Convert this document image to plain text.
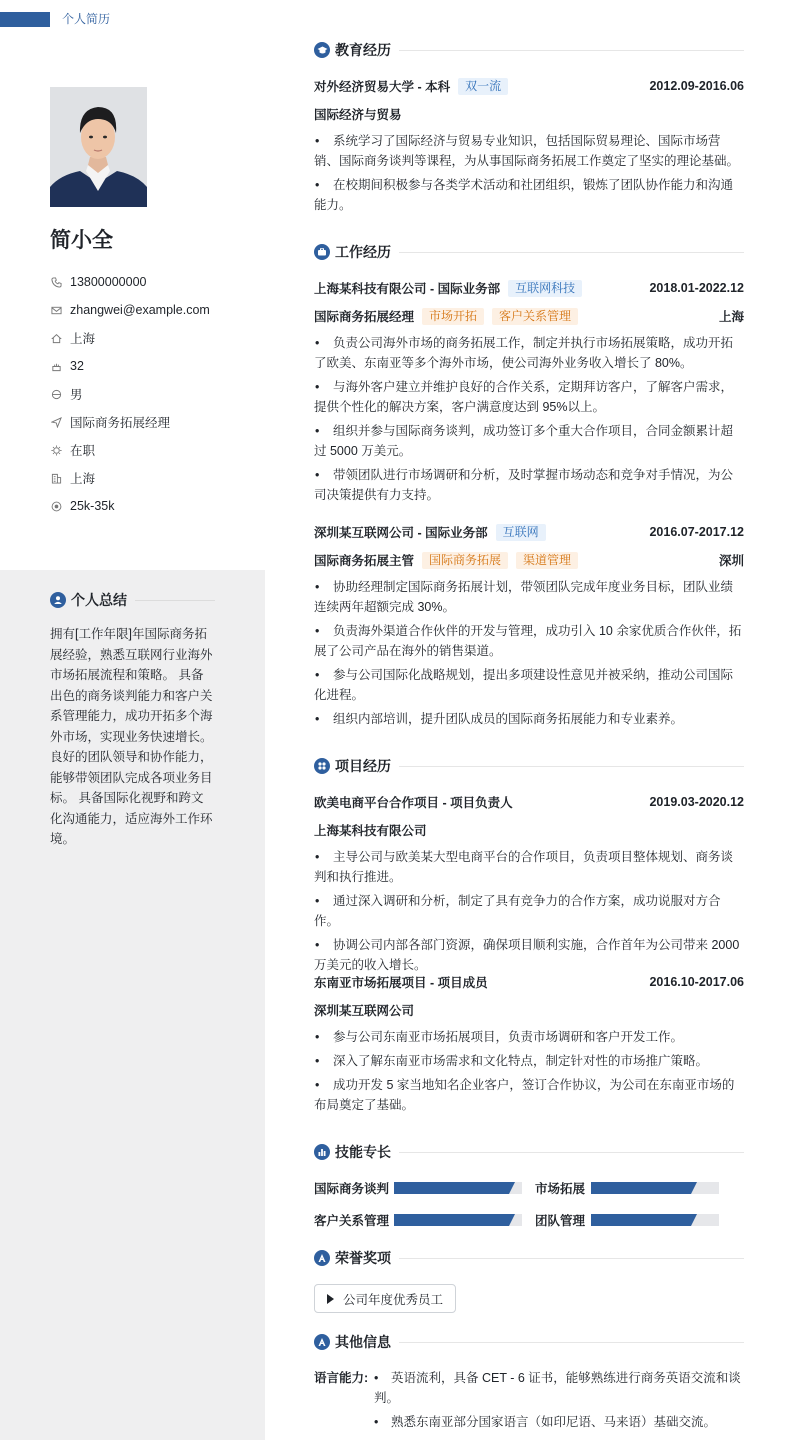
个人简历
简小全
13800000000
zhangwei@example.com
上海
32
男
国际商务拓展经理
在职
上海
25k-35k
个人总结
拥有[工作年限]年国际商务拓展经验，熟悉互联网行业海外市场拓展流程和策略。 具备出色的商务谈判能力和客户关系管理能力，成功开拓多个海外市场，实现业务快速增长。 良好的团队领导和协作能力，能够带领团队完成各项业务目标。 具备国际化视野和跨文化沟通能力，适应海外工作环境。
教育经历
对外经济贸易大学 - 本科	双一流	2012.09-2016.06
国际经济与贸易
• 系统学习了国际经济与贸易专业知识，包括国际贸易理论、国际市场营销、国际商务谈判等课程，为从事国际商务拓展工作奠定了坚实的理论基础。
• 在校期间积极参与各类学术活动和社团组织，锻炼了团队协作能力和沟通能力。
工作经历
上海某科技有限公司 - 国际业务部	互联网科技	2018.01-2022.12
国际商务拓展经理	市场开拓	客户关系管理	上海
• 负责公司海外市场的商务拓展工作，制定并执行市场拓展策略，成功开拓了欧美、东南亚等多个海外市场，使公司海外业务收入增长了 80%。
• 与海外客户建立并维护良好的合作关系，定期拜访客户，了解客户需求，提供个性化的解决方案，客户满意度达到 95%以上。
• 组织并参与国际商务谈判，成功签订多个重大合作项目，合同金额累计超过 5000 万美元。
• 带领团队进行市场调研和分析，及时掌握市场动态和竞争对手情况，为公司决策提供有力支持。
深圳某互联网公司 - 国际业务部	互联网	2016.07-2017.12
国际商务拓展主管	国际商务拓展	渠道管理	深圳
• 协助经理制定国际商务拓展计划，带领团队完成年度业务目标，团队业绩连续两年超额完成 30%。
• 负责海外渠道合作伙伴的开发与管理，成功引入 10 余家优质合作伙伴，拓展了公司产品在海外的销售渠道。
• 参与公司国际化战略规划，提出多项建设性意见并被采纳，推动公司国际化进程。
• 组织内部培训，提升团队成员的国际商务拓展能力和专业素养。
项目经历
欧美电商平台合作项目 - 项目负责人	2019.03-2020.12
上海某科技有限公司
• 主导公司与欧美某大型电商平台的合作项目，负责项目整体规划、商务谈判和执行推进。
• 通过深入调研和分析，制定了具有竞争力的合作方案，成功说服对方合作。
• 协调公司内部各部门资源，确保项目顺利实施，合作首年为公司带来 2000 万美元的收入增长。
东南亚市场拓展项目 - 项目成员	2016.10-2017.06
深圳某互联网公司
• 参与公司东南亚市场拓展项目，负责市场调研和客户开发工作。
• 深入了解东南亚市场需求和文化特点，制定针对性的市场推广策略。
• 成功开发 5 家当地知名企业客户，签订合作协议，为公司在东南亚市场的布局奠定了基础。
技能专长
国际商务谈判	市场拓展
客户关系管理	团队管理
荣誉奖项
公司年度优秀员工
其他信息
语言能力:
•	英语流利，具备 CET - 6 证书，能够熟练进行商务英语交流和谈判。
• 熟悉东南亚部分国家语言（如印尼语、马来语）基础交流。
